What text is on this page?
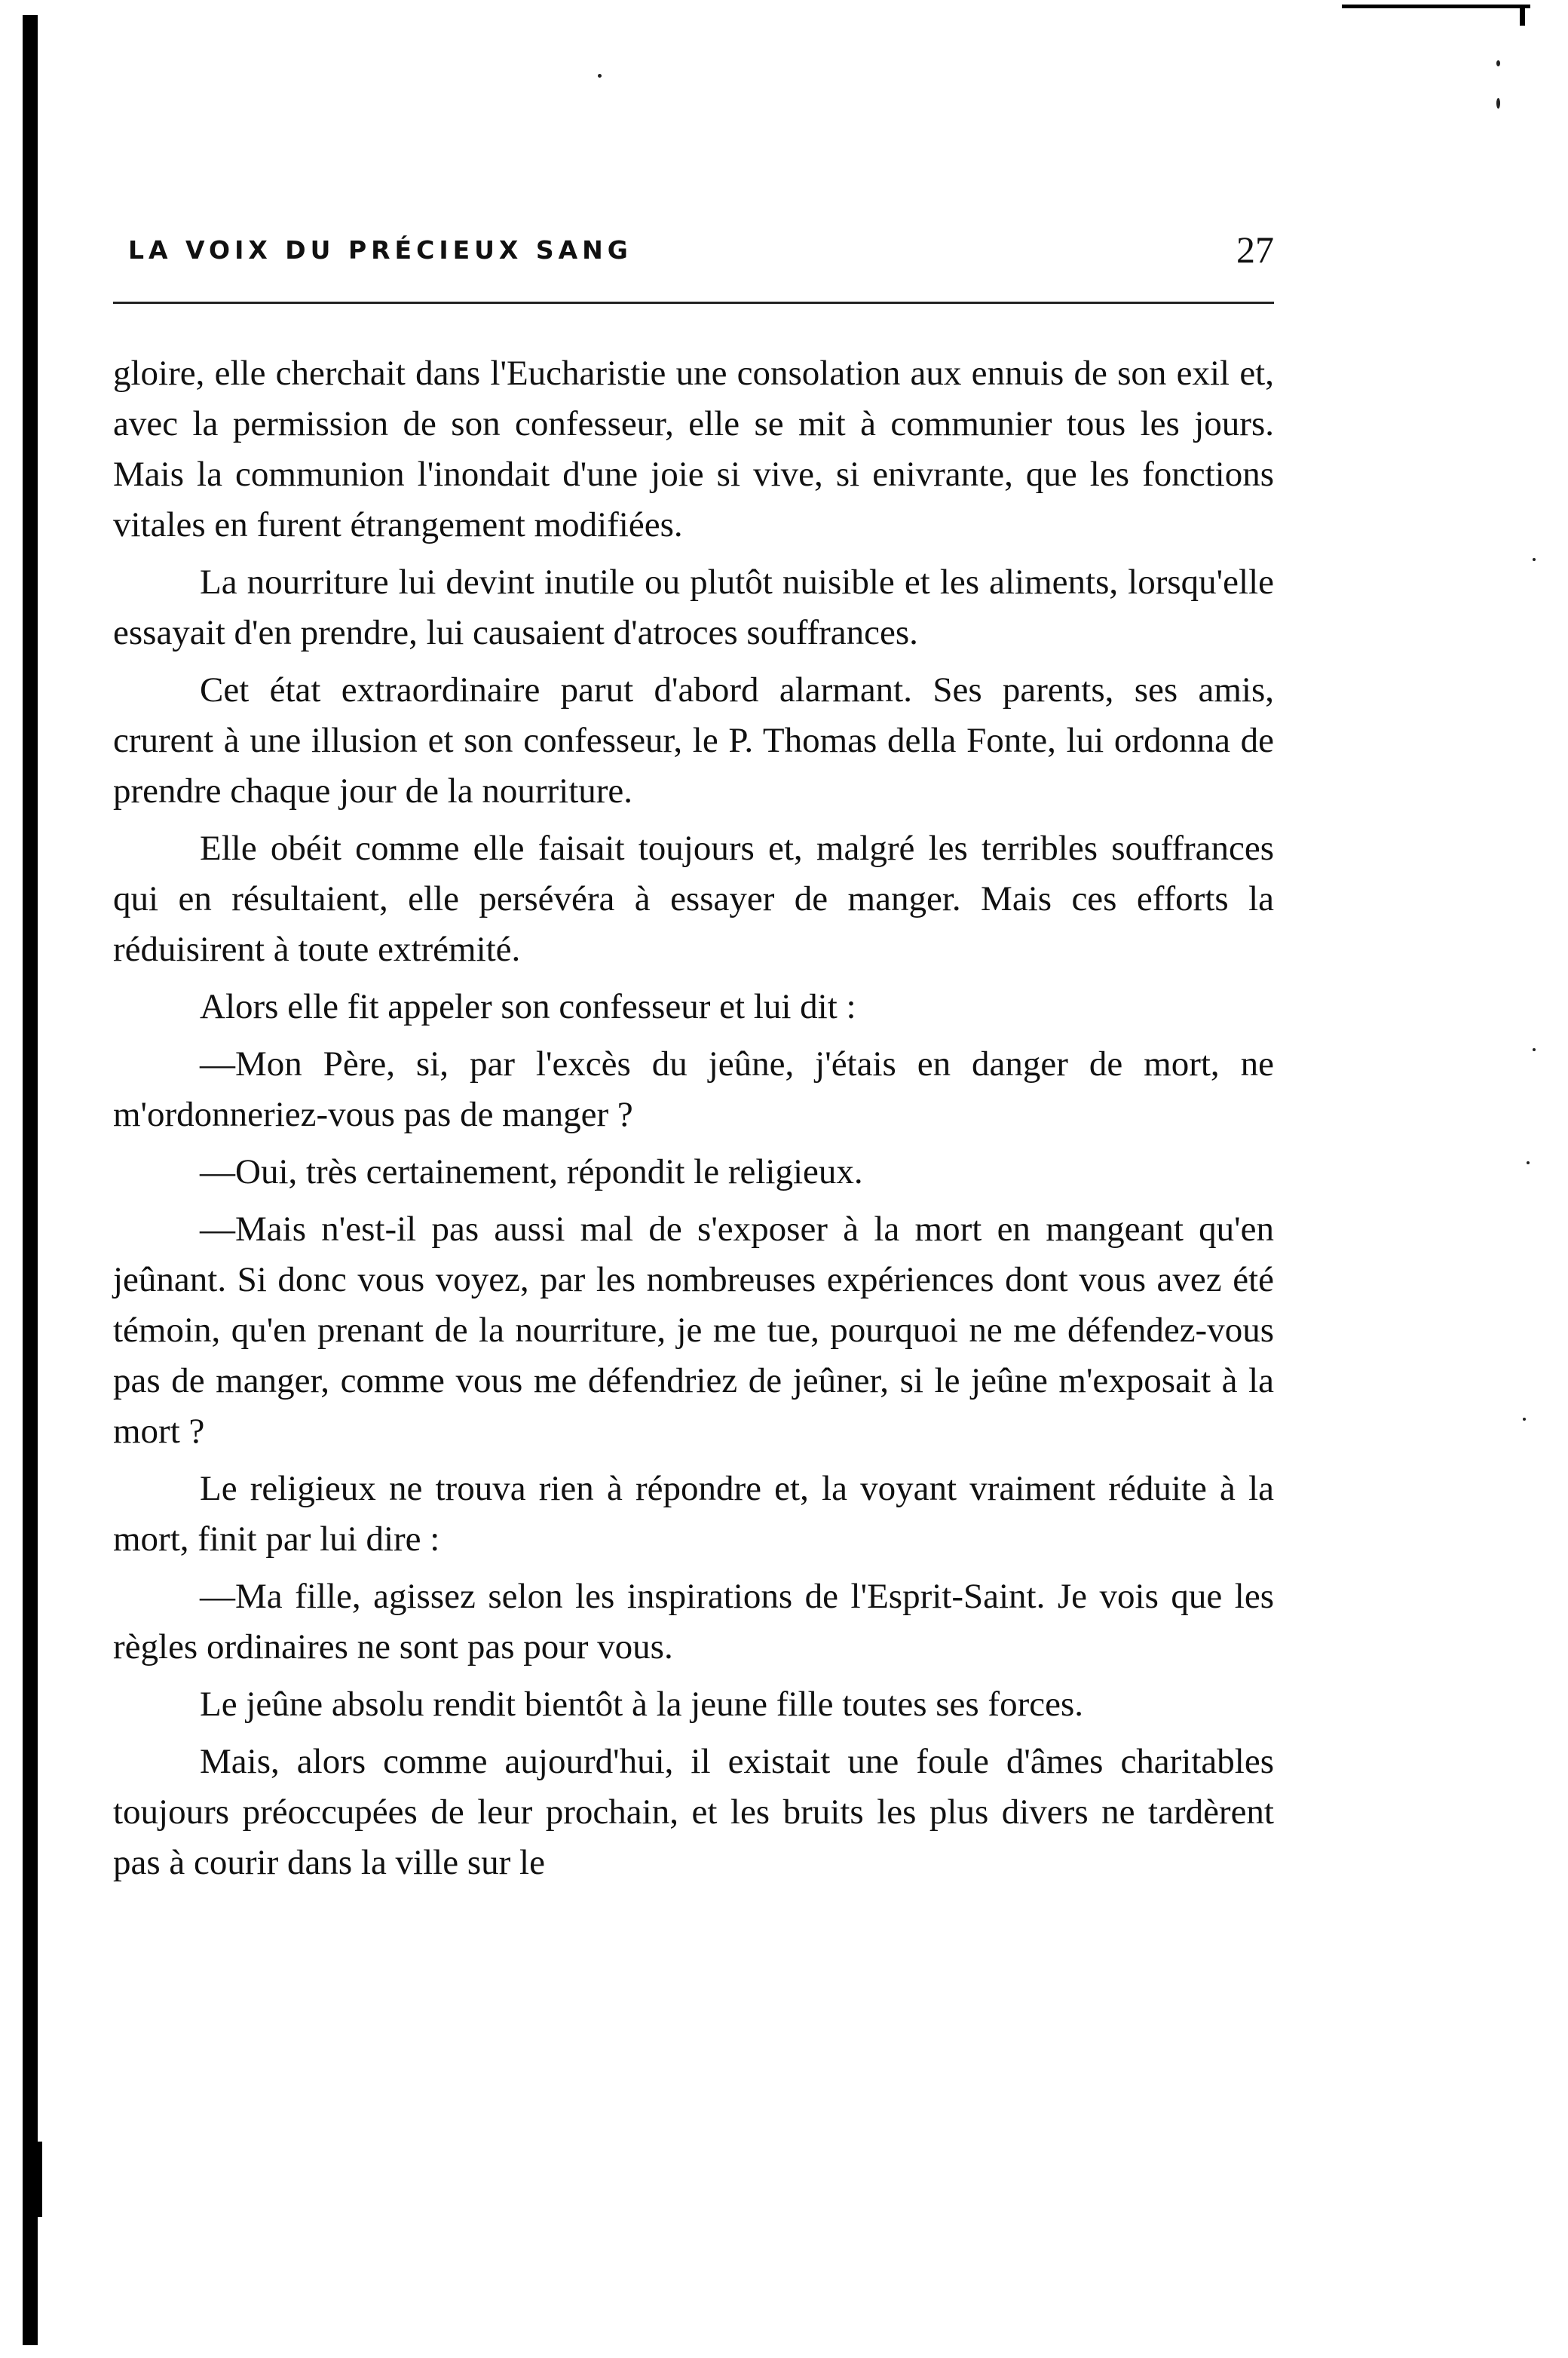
LA VOIX DU PRÉCIEUX SANG	27

gloire, elle cherchait dans l'Eucharistie une consolation aux ennuis de son exil et, avec la permission de son confesseur, elle se mit à communier tous les jours. Mais la communion l'inondait d'une joie si vive, si enivrante, que les fonctions vitales en furent étrangement modifiées.

La nourriture lui devint inutile ou plutôt nuisible et les aliments, lorsqu'elle essayait d'en prendre, lui causaient d'atroces souffrances.

Cet état extraordinaire parut d'abord alarmant. Ses parents, ses amis, crurent à une illusion et son confesseur, le P. Thomas della Fonte, lui ordonna de prendre chaque jour de la nourriture.

Elle obéit comme elle faisait toujours et, malgré les terribles souffrances qui en résultaient, elle persévéra à essayer de manger. Mais ces efforts la réduisirent à toute extrémité.

Alors elle fit appeler son confesseur et lui dit :

—Mon Père, si, par l'excès du jeûne, j'étais en danger de mort, ne m'ordonneriez-vous pas de manger ?

—Oui, très certainement, répondit le religieux.

—Mais n'est-il pas aussi mal de s'exposer à la mort en mangeant qu'en jeûnant. Si donc vous voyez, par les nombreuses expériences dont vous avez été témoin, qu'en prenant de la nourriture, je me tue, pourquoi ne me défendez-vous pas de manger, comme vous me défendriez de jeûner, si le jeûne m'exposait à la mort ?

Le religieux ne trouva rien à répondre et, la voyant vraiment réduite à la mort, finit par lui dire :

—Ma fille, agissez selon les inspirations de l'Esprit-Saint. Je vois que les règles ordinaires ne sont pas pour vous.

Le jeûne absolu rendit bientôt à la jeune fille toutes ses forces.

Mais, alors comme aujourd'hui, il existait une foule d'âmes charitables toujours préoccupées de leur prochain, et les bruits les plus divers ne tardèrent pas à courir dans la ville sur le
